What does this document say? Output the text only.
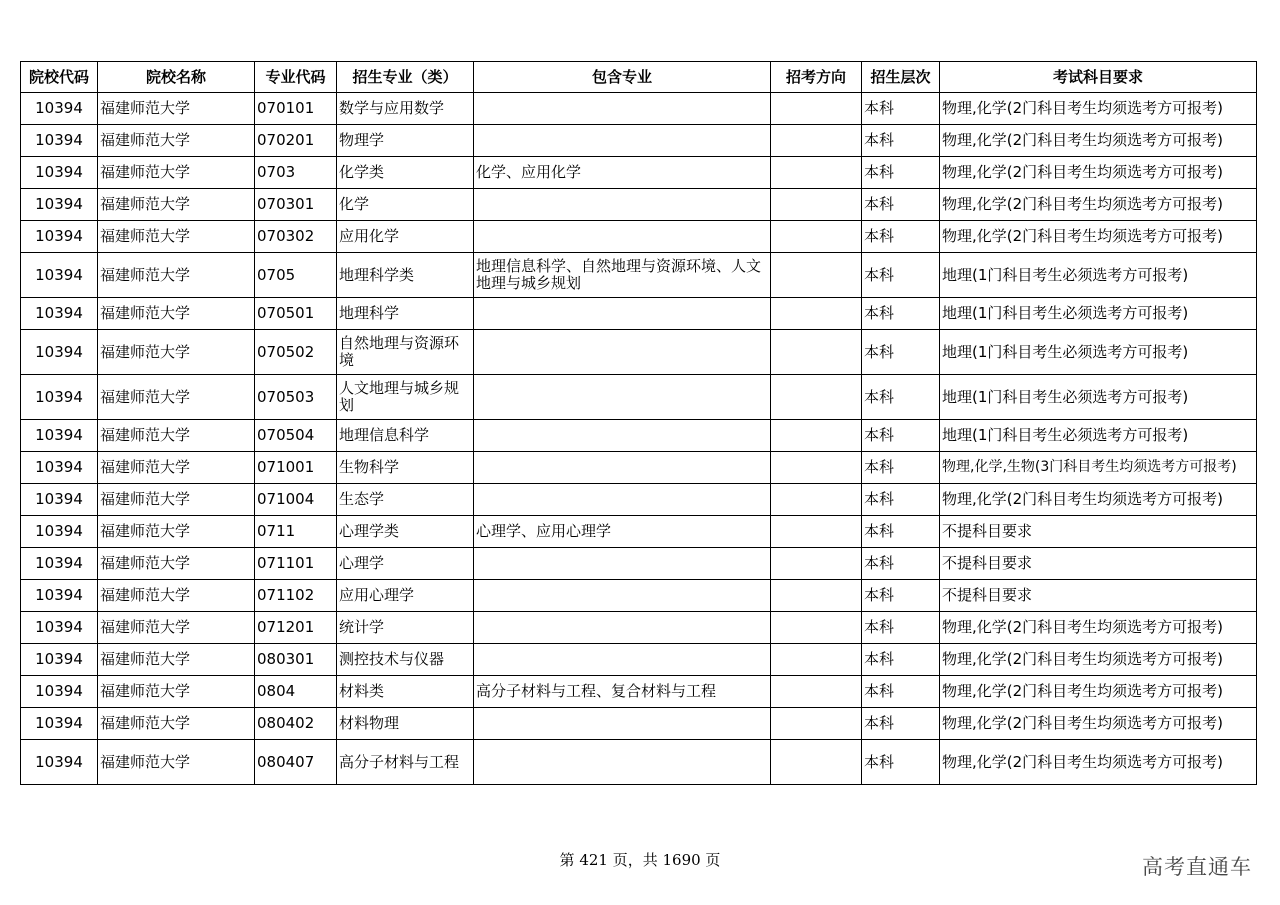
院校代码	院校名称	专业代码	招生专业（类）	包含专业	招考方向	招生层次	考试科目要求
10394	福建师范大学	070101	数学与应用数学			本科	物理,化学(2门科目考生均须选考方可报考)
10394	福建师范大学	070201	物理学			本科	物理,化学(2门科目考生均须选考方可报考)
10394	福建师范大学	0703	化学类	化学、应用化学		本科	物理,化学(2门科目考生均须选考方可报考)
10394	福建师范大学	070301	化学			本科	物理,化学(2门科目考生均须选考方可报考)
10394	福建师范大学	070302	应用化学			本科	物理,化学(2门科目考生均须选考方可报考)
10394	福建师范大学	0705	地理科学类	地理信息科学、自然地理与资源环境、人文地理与城乡规划		本科	地理(1门科目考生必须选考方可报考)
10394	福建师范大学	070501	地理科学			本科	地理(1门科目考生必须选考方可报考)
10394	福建师范大学	070502	自然地理与资源环境			本科	地理(1门科目考生必须选考方可报考)
10394	福建师范大学	070503	人文地理与城乡规划			本科	地理(1门科目考生必须选考方可报考)
10394	福建师范大学	070504	地理信息科学			本科	地理(1门科目考生必须选考方可报考)
10394	福建师范大学	071001	生物科学			本科	物理,化学,生物(3门科目考生均须选考方可报考)
10394	福建师范大学	071004	生态学			本科	物理,化学(2门科目考生均须选考方可报考)
10394	福建师范大学	0711	心理学类	心理学、应用心理学		本科	不提科目要求
10394	福建师范大学	071101	心理学			本科	不提科目要求
10394	福建师范大学	071102	应用心理学			本科	不提科目要求
10394	福建师范大学	071201	统计学			本科	物理,化学(2门科目考生均须选考方可报考)
10394	福建师范大学	080301	测控技术与仪器			本科	物理,化学(2门科目考生均须选考方可报考)
10394	福建师范大学	0804	材料类	高分子材料与工程、复合材料与工程		本科	物理,化学(2门科目考生均须选考方可报考)
10394	福建师范大学	080402	材料物理			本科	物理,化学(2门科目考生均须选考方可报考)
10394	福建师范大学	080407	高分子材料与工程			本科	物理,化学(2门科目考生均须选考方可报考)
第 421 页，共 1690 页	高考直通车
